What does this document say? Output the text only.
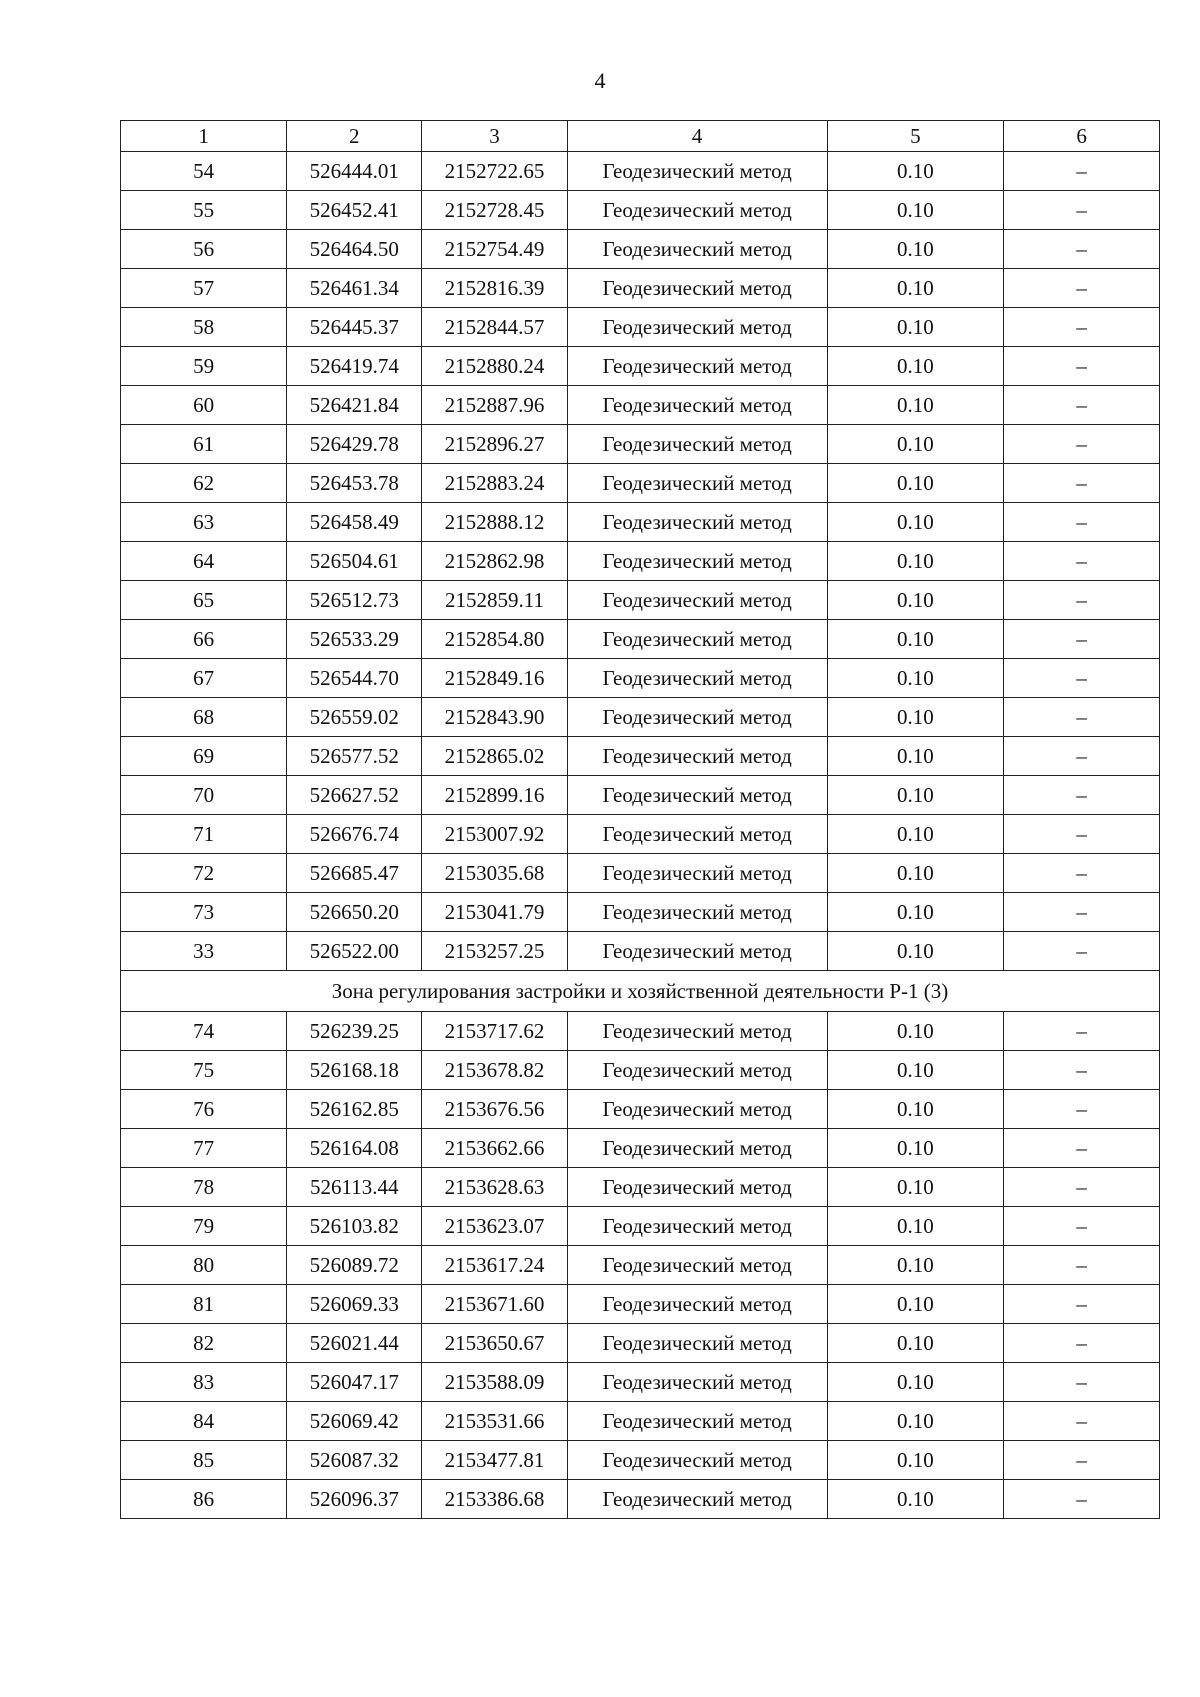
4
1	2	3	4	5	6
54	526444.01	2152722.65	Геодезический метод	0.10	–
55	526452.41	2152728.45	Геодезический метод	0.10	–
56	526464.50	2152754.49	Геодезический метод	0.10	–
57	526461.34	2152816.39	Геодезический метод	0.10	–
58	526445.37	2152844.57	Геодезический метод	0.10	–
59	526419.74	2152880.24	Геодезический метод	0.10	–
60	526421.84	2152887.96	Геодезический метод	0.10	–
61	526429.78	2152896.27	Геодезический метод	0.10	–
62	526453.78	2152883.24	Геодезический метод	0.10	–
63	526458.49	2152888.12	Геодезический метод	0.10	–
64	526504.61	2152862.98	Геодезический метод	0.10	–
65	526512.73	2152859.11	Геодезический метод	0.10	–
66	526533.29	2152854.80	Геодезический метод	0.10	–
67	526544.70	2152849.16	Геодезический метод	0.10	–
68	526559.02	2152843.90	Геодезический метод	0.10	–
69	526577.52	2152865.02	Геодезический метод	0.10	–
70	526627.52	2152899.16	Геодезический метод	0.10	–
71	526676.74	2153007.92	Геодезический метод	0.10	–
72	526685.47	2153035.68	Геодезический метод	0.10	–
73	526650.20	2153041.79	Геодезический метод	0.10	–
33	526522.00	2153257.25	Геодезический метод	0.10	–
Зона регулирования застройки и хозяйственной деятельности Р-1 (3)					
74	526239.25	2153717.62	Геодезический метод	0.10	–
75	526168.18	2153678.82	Геодезический метод	0.10	–
76	526162.85	2153676.56	Геодезический метод	0.10	–
77	526164.08	2153662.66	Геодезический метод	0.10	–
78	526113.44	2153628.63	Геодезический метод	0.10	–
79	526103.82	2153623.07	Геодезический метод	0.10	–
80	526089.72	2153617.24	Геодезический метод	0.10	–
81	526069.33	2153671.60	Геодезический метод	0.10	–
82	526021.44	2153650.67	Геодезический метод	0.10	–
83	526047.17	2153588.09	Геодезический метод	0.10	–
84	526069.42	2153531.66	Геодезический метод	0.10	–
85	526087.32	2153477.81	Геодезический метод	0.10	–
86	526096.37	2153386.68	Геодезический метод	0.10	–
